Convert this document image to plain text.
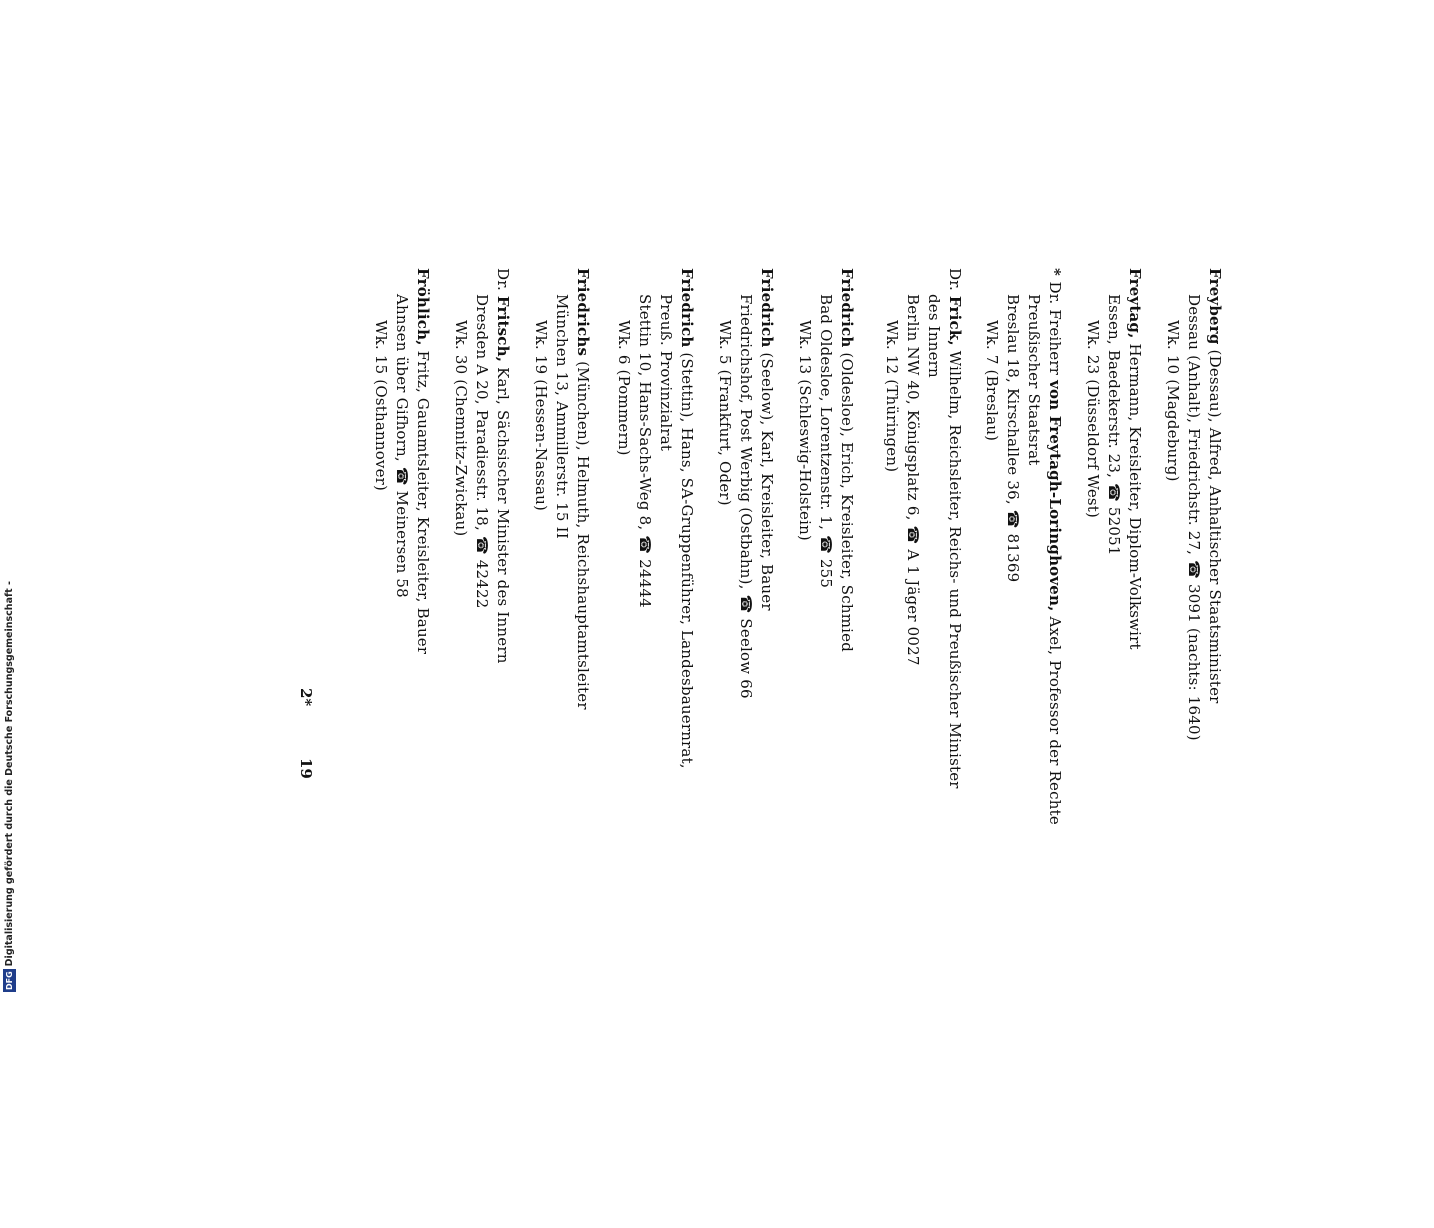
Freyberg (Dessau), Alfred, Anhaltischer Staatsminister
Dessau (Anhalt), Friedrichstr. 27, ☎ 3091 (nachts: 1640)
Wk. 10 (Magdeburg)
Freytag, Hermann, Kreisleiter, Diplom-Volkswirt
Essen, Baedekerstr. 23, ☎ 52051
Wk. 23 (Düsseldorf West)
* Dr. Freiherr von Freytagh-Loringhoven, Axel, Professor der Rechte
Preußischer Staatsrat
Breslau 18, Kirschallee 36, ☎ 81369
Wk. 7 (Breslau)
Dr. Frick, Wilhelm, Reichsleiter, Reichs- und Preußischer Minister
des Innern
Berlin NW 40, Königsplatz 6, ☎ A 1 Jäger 0027
Wk. 12 (Thüringen)
Friedrich (Oldesloe), Erich, Kreisleiter, Schmied
Bad Oldesloe, Lorentzenstr. 1, ☎ 255
Wk. 13 (Schleswig-Holstein)
Friedrich (Seelow), Karl, Kreisleiter, Bauer
Friedrichshof, Post Werbig (Ostbahn), ☎ Seelow 66
Wk. 5 (Frankfurt, Oder)
Friedrich (Stettin), Hans, SA-Gruppenführer, Landesbauernrat,
Preuß. Provinzialrat
Stettin 10, Hans-Sachs-Weg 8, ☎ 24444
Wk. 6 (Pommern)
Friedrichs (München), Helmuth, Reichshauptamtsleiter
München 13, Ammillerstr. 15 II
Wk. 19 (Hessen-Nassau)
Dr. Fritsch, Karl, Sächsischer Minister des Innern
Dresden A 20, Paradiesstr. 18, ☎ 42422
Wk. 30 (Chemnitz-Zwickau)
Fröhlich, Fritz, Gauamtsleiter, Kreisleiter, Bauer
Ahnsen über Gifhorn, ☎ Meinersen 58
Wk. 15 (Osthannover)
2*
19
DFG
Digitalisierung gefördert durch die Deutsche Forschungsgemeinschaft -
